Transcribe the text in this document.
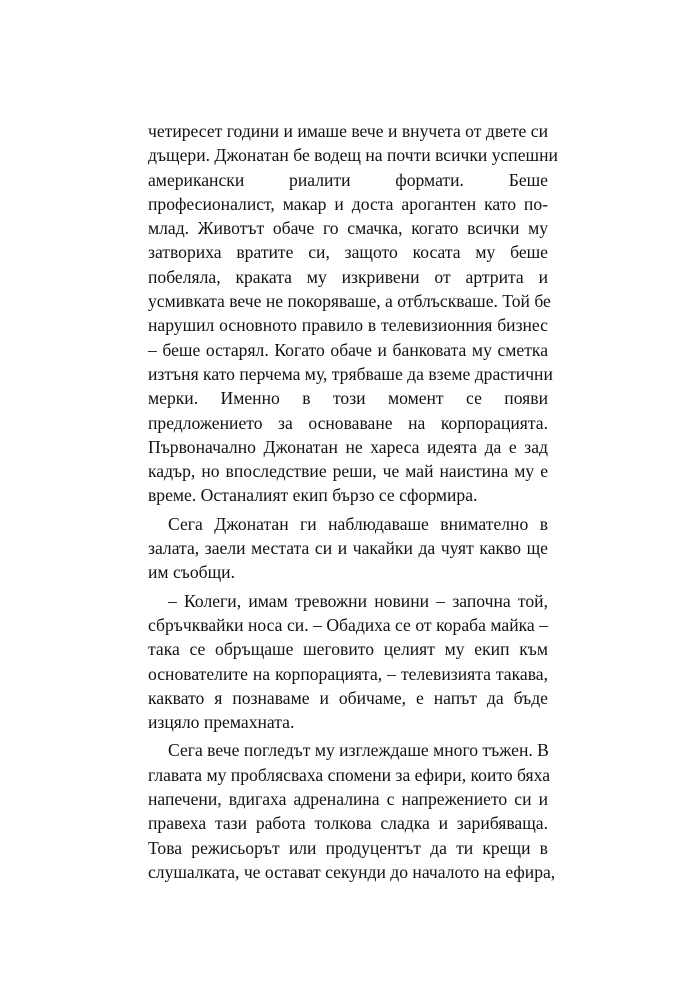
четиресет години и имаше вече и внучета от двете си
дъщери. Джонатан бе водещ на почти всички успешни
американски риалити формати. Беше
професионалист, макар и доста арогантен като по-
млад. Животът обаче го смачка, когато всички му
затвориха вратите си, защото косата му беше
побеляла, краката му изкривени от артрита и
усмивката вече не покоряваше, а отблъскваше. Той бе
нарушил основното правило в телевизионния бизнес
– беше остарял. Когато обаче и банковата му сметка
изтъня като перчема му, трябваше да вземе драстични
мерки. Именно в този момент се появи
предложението за основаване на корпорацията.
Първоначално Джонатан не хареса идеята да е зад
кадър, но впоследствие реши, че май наистина му е
време. Останалият екип бързо се сформира.
Сега Джонатан ги наблюдаваше внимателно в
залата, заели местата си и чакайки да чуят какво ще
им съобщи.
– Колеги, имам тревожни новини – започна той,
сбръчквайки носа си. – Обадиха се от кораба майка –
така се обръщаше шеговито целият му екип към
основателите на корпорацията, – телевизията такава,
каквато я познаваме и обичаме, е напът да бъде
изцяло премахната.
Сега вече погледът му изглеждаше много тъжен. В
главата му проблясваха спомени за ефири, които бяха
напечени, вдигаха адреналина с напрежението си и
правеха тази работа толкова сладка и зарибяваща.
Това режисьорът или продуцентът да ти крещи в
слушалката, че остават секунди до началото на ефира,
